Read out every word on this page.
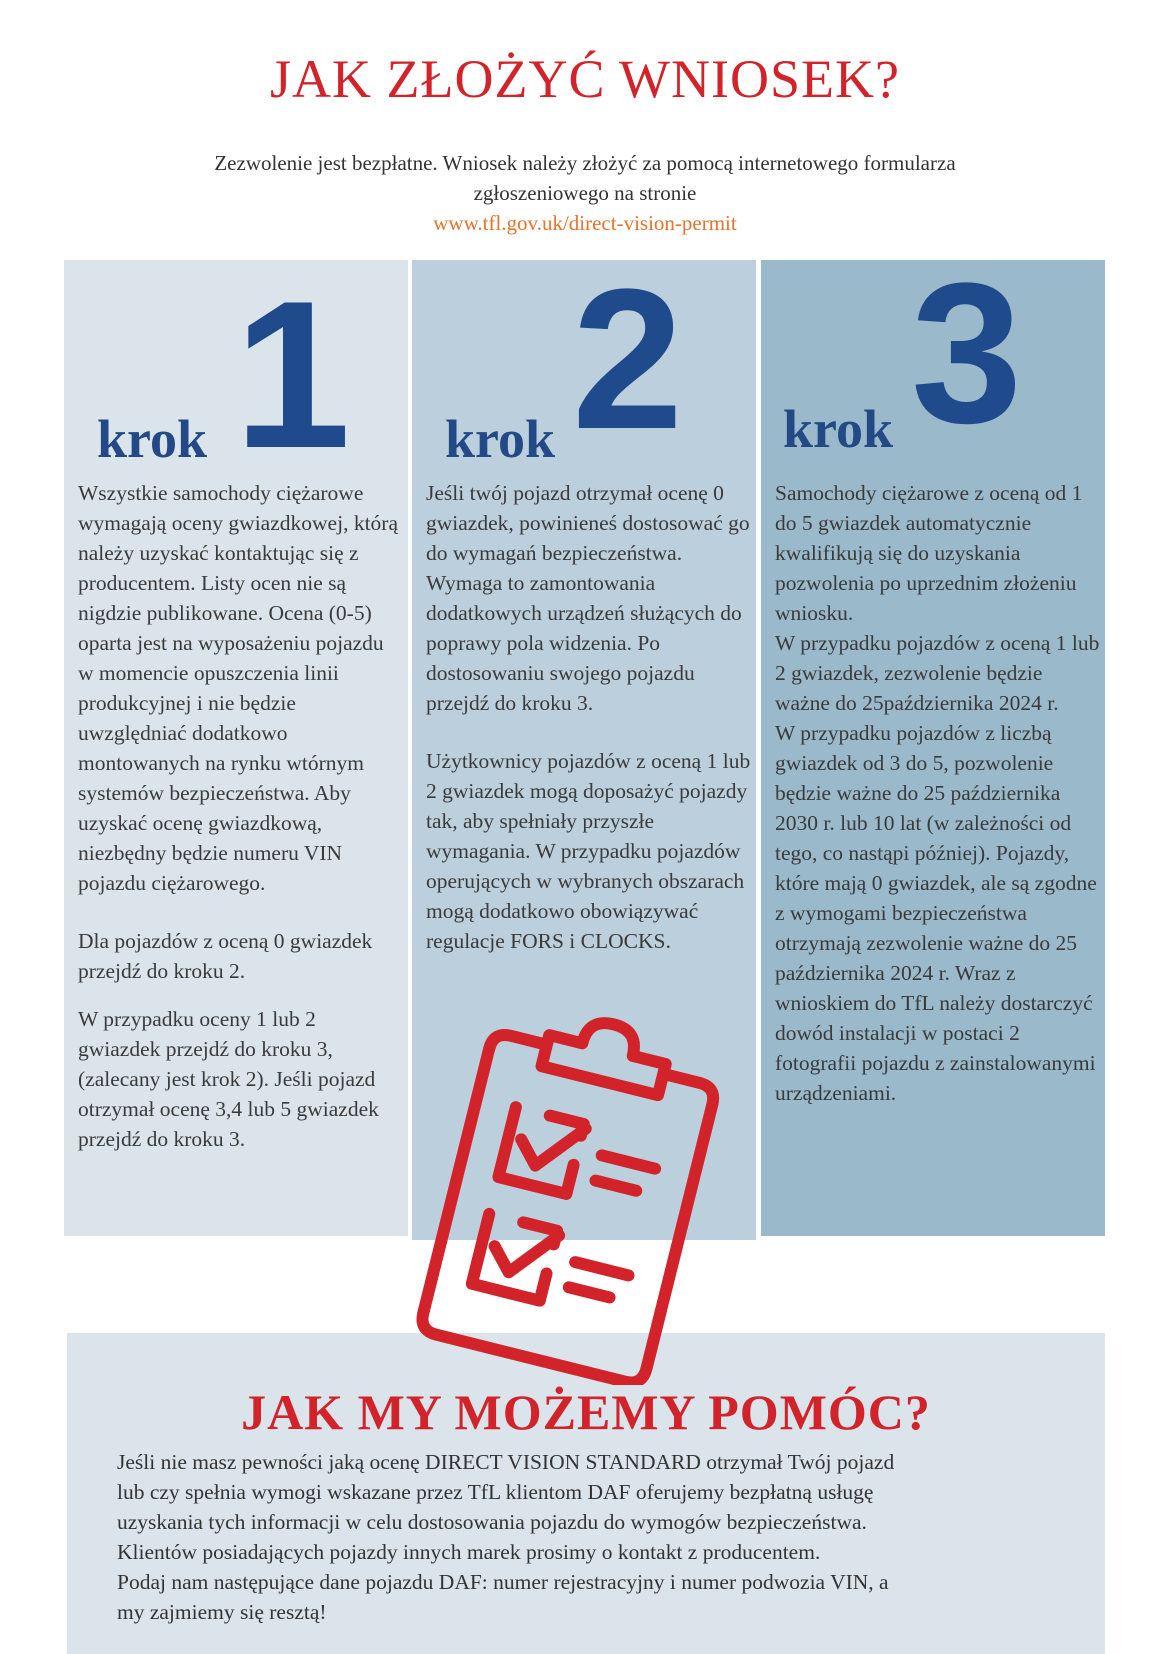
JAK ZŁOŻYĆ WNIOSEK?
Zezwolenie jest bezpłatne. Wniosek należy złożyć za pomocą internetowego formularza
zgłoszeniowego na stronie
www.tfl.gov.uk/direct-vision-permit
krok 1

Wszystkie samochody ciężarowe wymagają oceny gwiazdkowej, którą należy uzyskać kontaktując się z producentem. Listy ocen nie są nigdzie publikowane. Ocena (0-5) oparta jest na wyposażeniu pojazdu w momencie opuszczenia linii produkcyjnej i nie będzie uwzględniać dodatkowo montowanych na rynku wtórnym systemów bezpieczeństwa. Aby uzyskać ocenę gwiazdkową, niezbędny będzie numeru VIN pojazdu ciężarowego.

Dla pojazdów z oceną 0 gwiazdek przejdź do kroku 2.

W przypadku oceny 1 lub 2 gwiazdek przejdź do kroku 3, (zalecany jest krok 2). Jeśli pojazd otrzymał ocenę 3,4 lub 5 gwiazdek przejdź do kroku 3.

krok 2

Jeśli twój pojazd otrzymał ocenę 0 gwiazdek, powinieneś dostosować go do wymagań bezpieczeństwa. Wymaga to zamontowania dodatkowych urządzeń służących do poprawy pola widzenia. Po dostosowaniu swojego pojazdu przejdź do kroku 3.

Użytkownicy pojazdów z oceną 1 lub 2 gwiazdek mogą doposażyć pojazdy tak, aby spełniały przyszłe wymagania. W przypadku pojazdów operujących w wybranych obszarach mogą dodatkowo obowiązywać regulacje FORS i CLOCKS.

krok 3

Samochody ciężarowe z oceną od 1 do 5 gwiazdek automatycznie kwalifikują się do uzyskania pozwolenia po uprzednim złożeniu wniosku.

W przypadku pojazdów z oceną 1 lub 2 gwiazdek, zezwolenie będzie ważne do 25października 2024 r.

W przypadku pojazdów z liczbą gwiazdek od 3 do 5, pozwolenie będzie ważne do 25 października 2030 r. lub 10 lat (w zależności od tego, co nastąpi później). Pojazdy, które mają 0 gwiazdek, ale są zgodne z wymogami bezpieczeństwa otrzymają zezwolenie ważne do 25 października 2024 r. Wraz z wnioskiem do TfL należy dostarczyć dowód instalacji w postaci 2 fotografii pojazdu z zainstalowanymi urządzeniami.

JAK MY MOŻEMY POMÓC?
Jeśli nie masz pewności jaką ocenę DIRECT VISION STANDARD otrzymał Twój pojazd
lub czy spełnia wymogi wskazane przez TfL klientom DAF oferujemy bezpłatną usługę
uzyskania tych informacji w celu dostosowania pojazdu do wymogów bezpieczeństwa.
Klientów posiadających pojazdy innych marek prosimy o kontakt z producentem.
Podaj nam następujące dane pojazdu DAF: numer rejestracyjny i numer podwozia VIN, a
my zajmiemy się resztą!
